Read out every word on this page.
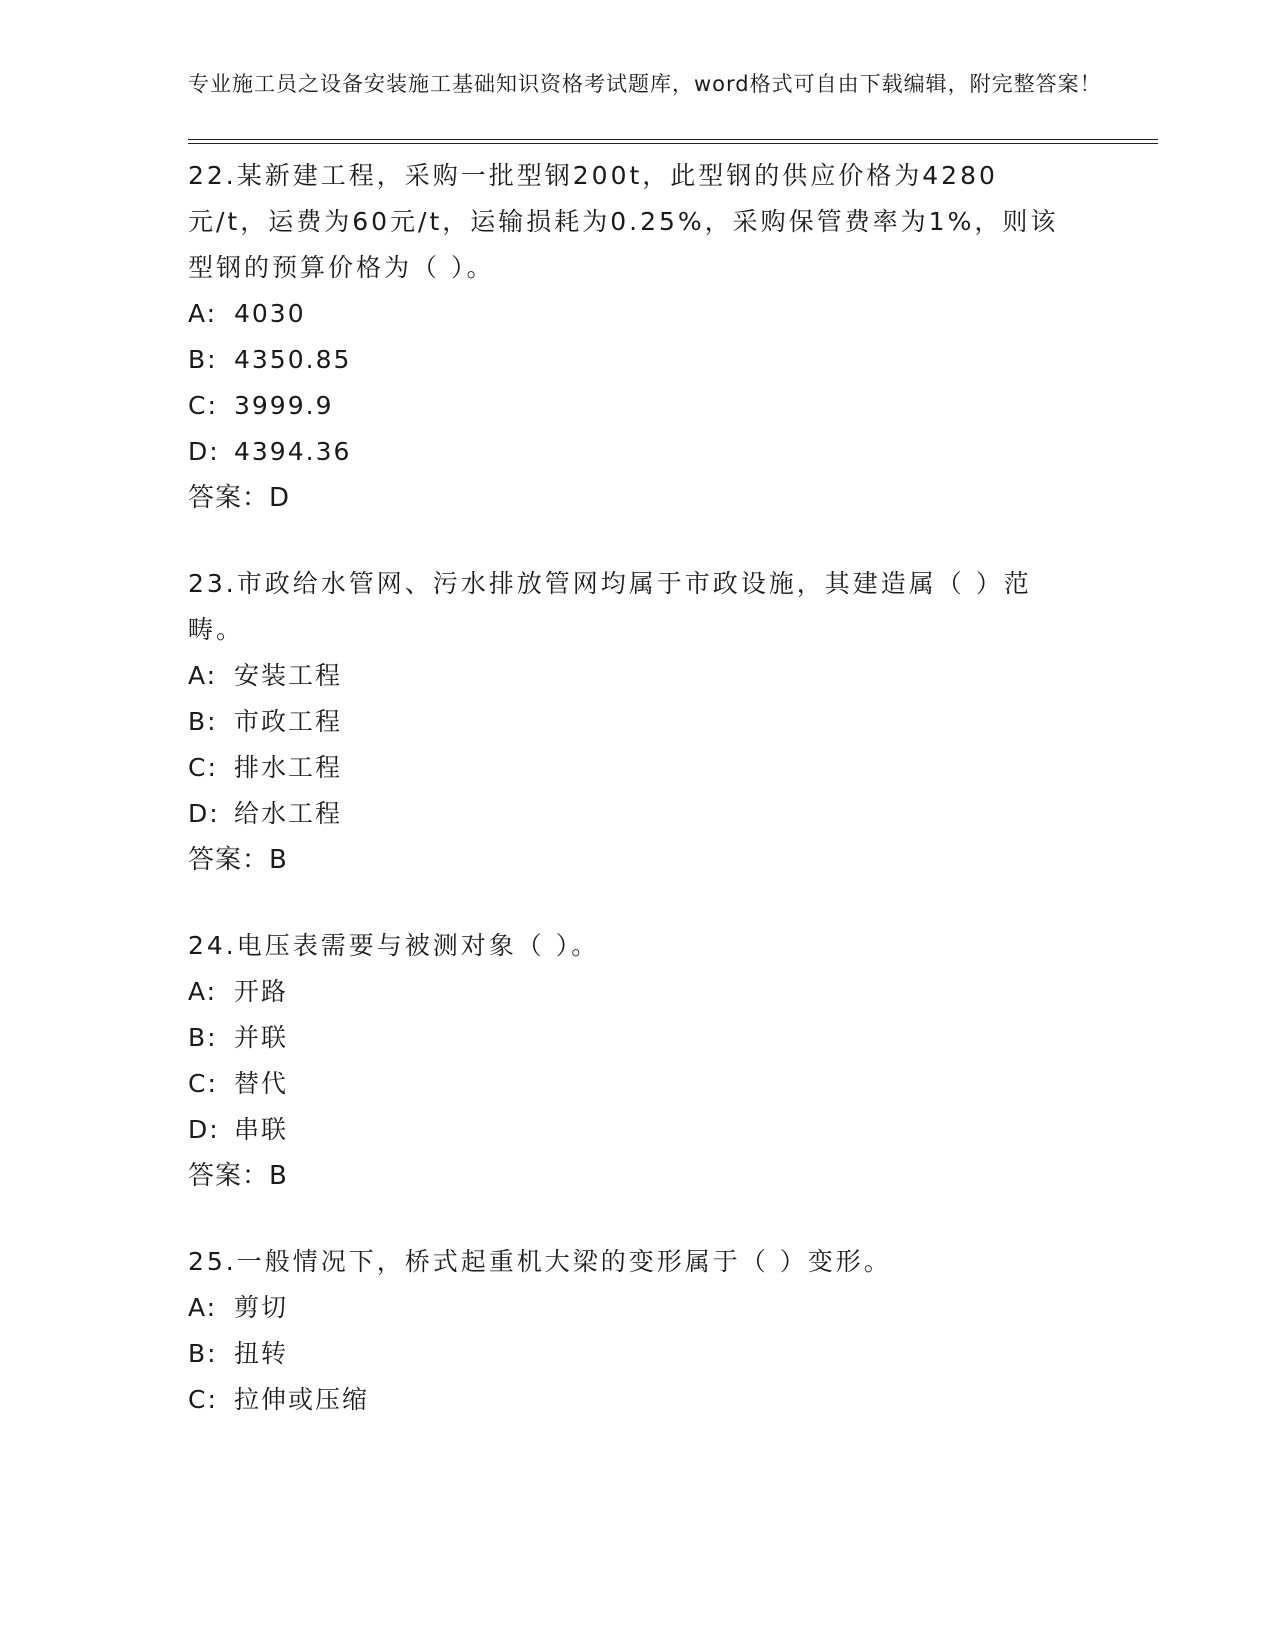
专业施工员之设备安装施工基础知识资格考试题库，word格式可自由下载编辑，附完整答案！

22.某新建工程，采购一批型钢200t，此型钢的供应价格为4280元/t，运费为60元/t，运输损耗为0.25%，采购保管费率为1%，则该型钢的预算价格为（ ）。

A: 4030

B: 4350.85

C: 3999.9

D: 4394.36

答案：D

23.市政给水管网、污水排放管网均属于市政设施，其建造属（ ）范畴。

A: 安装工程

B: 市政工程

C: 排水工程

D: 给水工程

答案：B

24.电压表需要与被测对象（ ）。

A: 开路

B: 并联

C: 替代

D: 串联

答案：B

25.一般情况下，桥式起重机大梁的变形属于（ ）变形。

A: 剪切

B: 扭转

C: 拉伸或压缩
